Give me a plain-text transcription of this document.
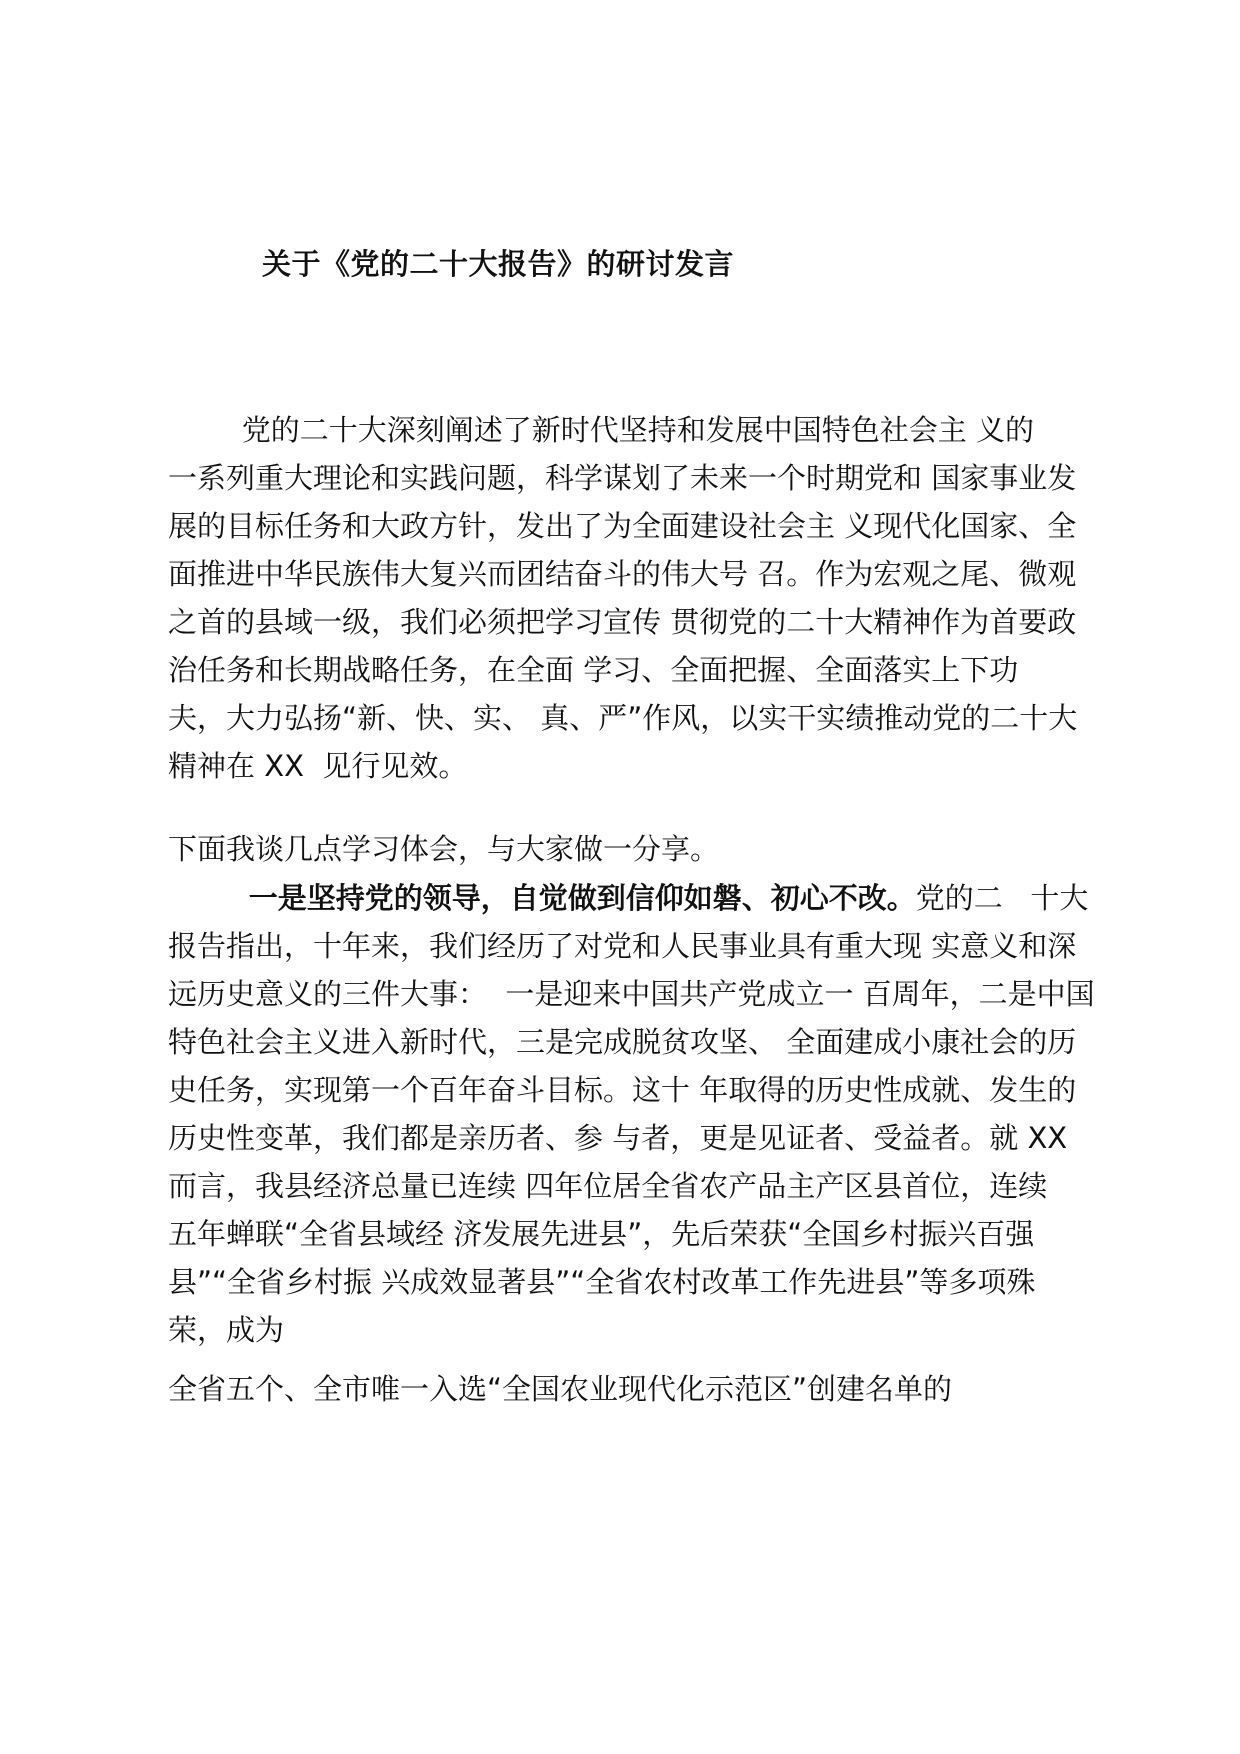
关于《党的二十大报告》的研讨发言
党的二十大深刻阐述了新时代坚持和发展中国特色社会主 义的
一系列重大理论和实践问题，科学谋划了未来一个时期党和 国家事业发
展的目标任务和大政方针，发出了为全面建设社会主 义现代化国家、全
面推进中华民族伟大复兴而团结奋斗的伟大号 召。作为宏观之尾、微观
之首的县域一级，我们必须把学习宣传 贯彻党的二十大精神作为首要政
治任务和长期战略任务，在全面 学习、全面把握、全面落实上下功
夫，大力弘扬“新、快、实、 真、严”作风，以实干实绩推动党的二十大
精神在 XX  见行见效。
下面我谈几点学习体会，与大家做一分享。
一是坚持党的领导，自觉做到信仰如磐、初心不改。党的二   十大
报告指出，十年来，我们经历了对党和人民事业具有重大现 实意义和深
远历史意义的三件大事：  一是迎来中国共产党成立一 百周年，二是中国
特色社会主义进入新时代，三是完成脱贫攻坚、 全面建成小康社会的历
史任务，实现第一个百年奋斗目标。这十 年取得的历史性成就、发生的
历史性变革，我们都是亲历者、参 与者，更是见证者、受益者。就 XX
而言，我县经济总量已连续 四年位居全省农产品主产区县首位，连续
五年蝉联“全省县域经 济发展先进县”，先后荣获“全国乡村振兴百强
县”“全省乡村振 兴成效显著县”“全省农村改革工作先进县”等多项殊
荣，成为
全省五个、全市唯一入选“全国农业现代化示范区”创建名单的
